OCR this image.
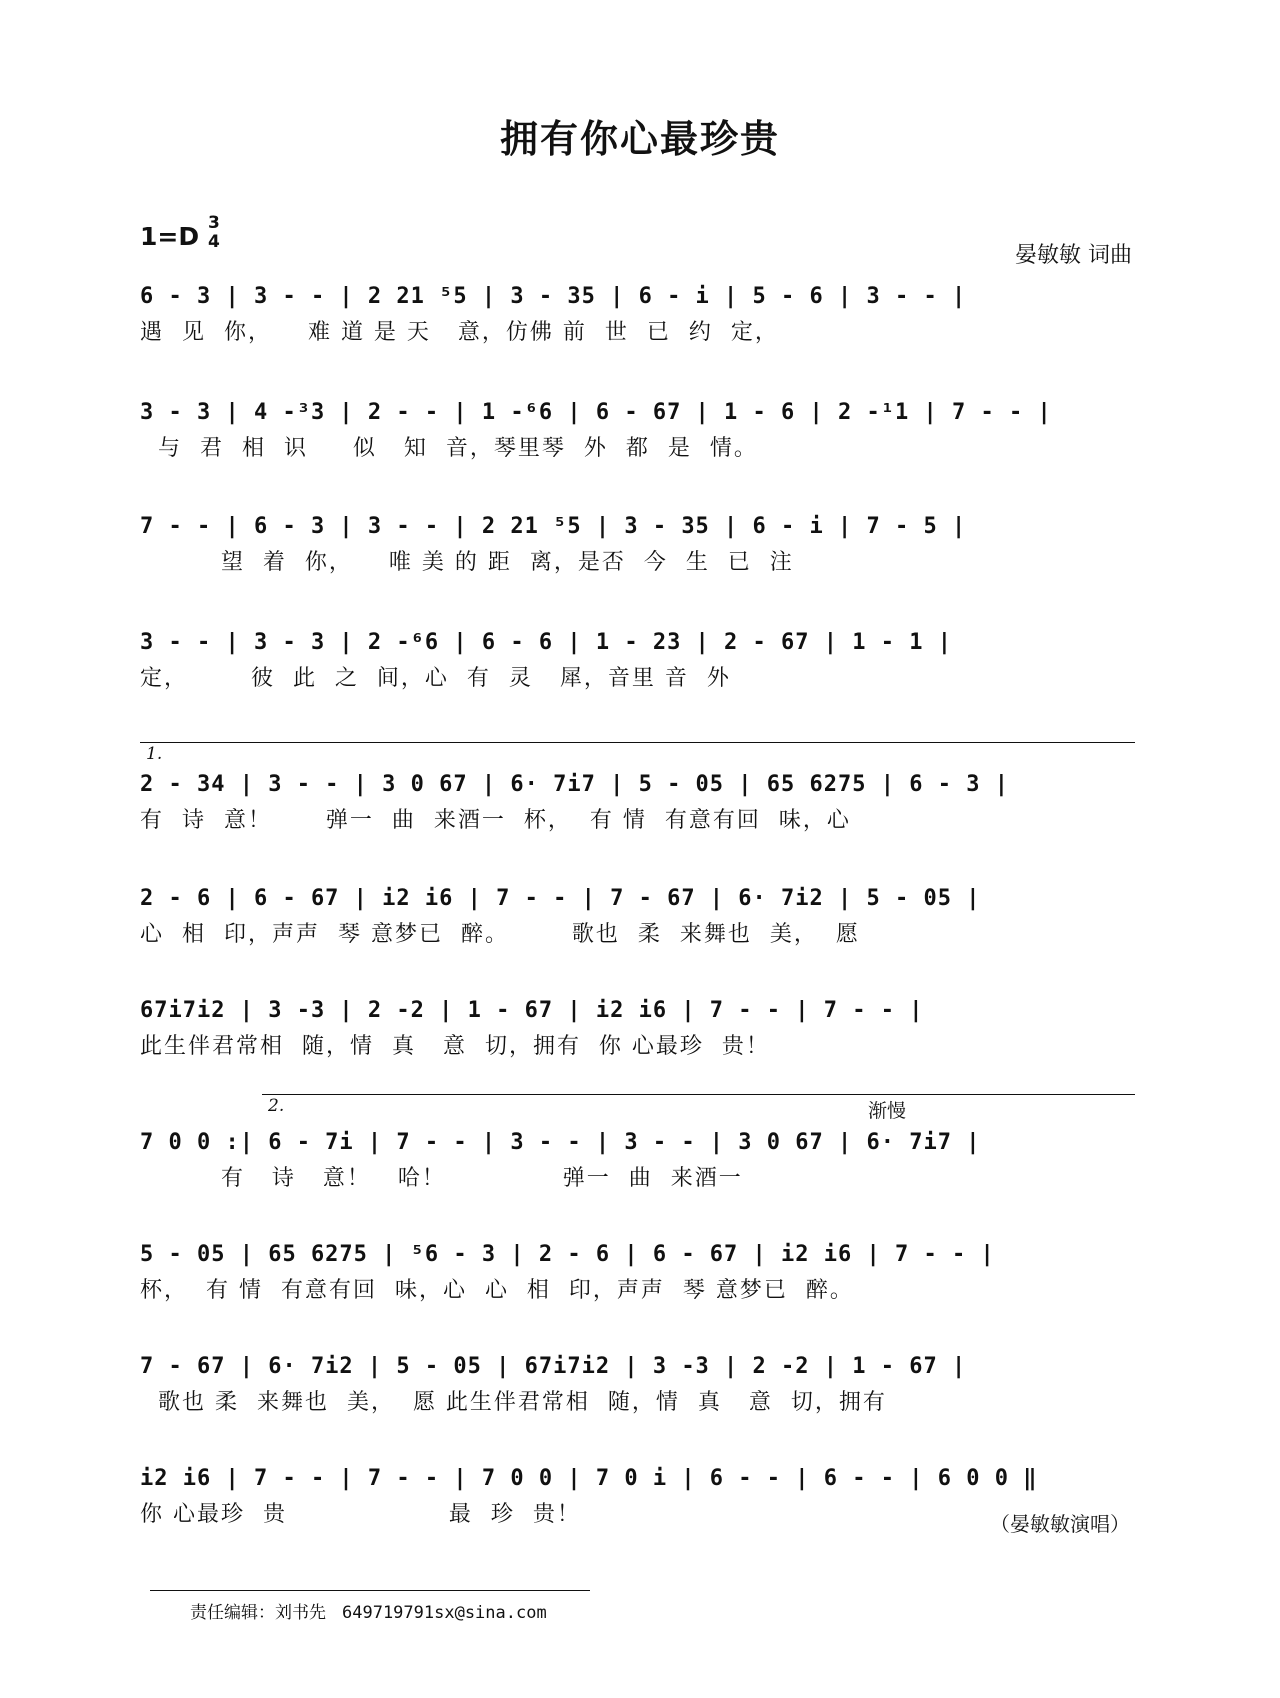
拥有你心最珍贵
1=D 3
4
晏敏敏 词曲
6 - 3 | 3 - - | 2 21 ⁵5 | 3 - 35 | 6 - i | 5 - 6 | 3 - - |
遇  见  你，    难 道 是 天   意，仿佛 前  世  已  约  定，
3 - 3 | 4 -³3 | 2 - - | 1 -⁶6 | 6 - 67 | 1 - 6 | 2 -¹1 | 7 - - |
与  君  相  识     似   知  音，琴里琴  外  都  是  情。
7 - - | 6 - 3 | 3 - - | 2 21 ⁵5 | 3 - 35 | 6 - i | 7 - 5 |
望  着  你，    唯 美 的 距  离，是否  今  生  已  注
3 - - | 3 - 3 | 2 -⁶6 | 6 - 6 | 1 - 23 | 2 - 67 | 1 - 1 |
定，       彼  此  之  间，心  有  灵   犀，音里 音  外
1.
2 - 34 | 3 - - | 3 0 67 | 6· 7i7 | 5 - 05 | 65 6275 | 6 - 3 |
有  诗  意！      弹一  曲  来酒一  杯，  有 情  有意有回  味，心
2 - 6 | 6 - 67 | i2 i6 | 7 - - | 7 - 67 | 6· 7i2 | 5 - 05 |
心  相  印，声声  琴 意梦已  醉。       歌也  柔  来舞也  美，  愿
67i7i2 | 3 -3 | 2 -2 | 1 - 67 | i2 i6 | 7 - - | 7 - - |
此生伴君常相  随，情  真   意  切，拥有  你 心最珍  贵！
2.	渐慢
7 0 0 :| 6 - 7i | 7 - - | 3 - - | 3 - - | 3 0 67 | 6· 7i7 |
有   诗   意！   哈！             弹一  曲  来酒一
5 - 05 | 65 6275 | ⁵6 - 3 | 2 - 6 | 6 - 67 | i2 i6 | 7 - - |
杯，  有 情  有意有回  味，心  心  相  印，声声  琴 意梦已  醉。
7 - 67 | 6· 7i2 | 5 - 05 | 67i7i2 | 3 -3 | 2 -2 | 1 - 67 |
歌也 柔  来舞也  美，  愿 此生伴君常相  随，情  真   意  切，拥有
i2 i6 | 7 - - | 7 - - | 7 0 0 | 7 0 i | 6 - - | 6 - - | 6 0 0 ‖
你 心最珍  贵                  最  珍  贵！	（晏敏敏演唱）
责任编辑：刘书先 649719791sx@sina.com
